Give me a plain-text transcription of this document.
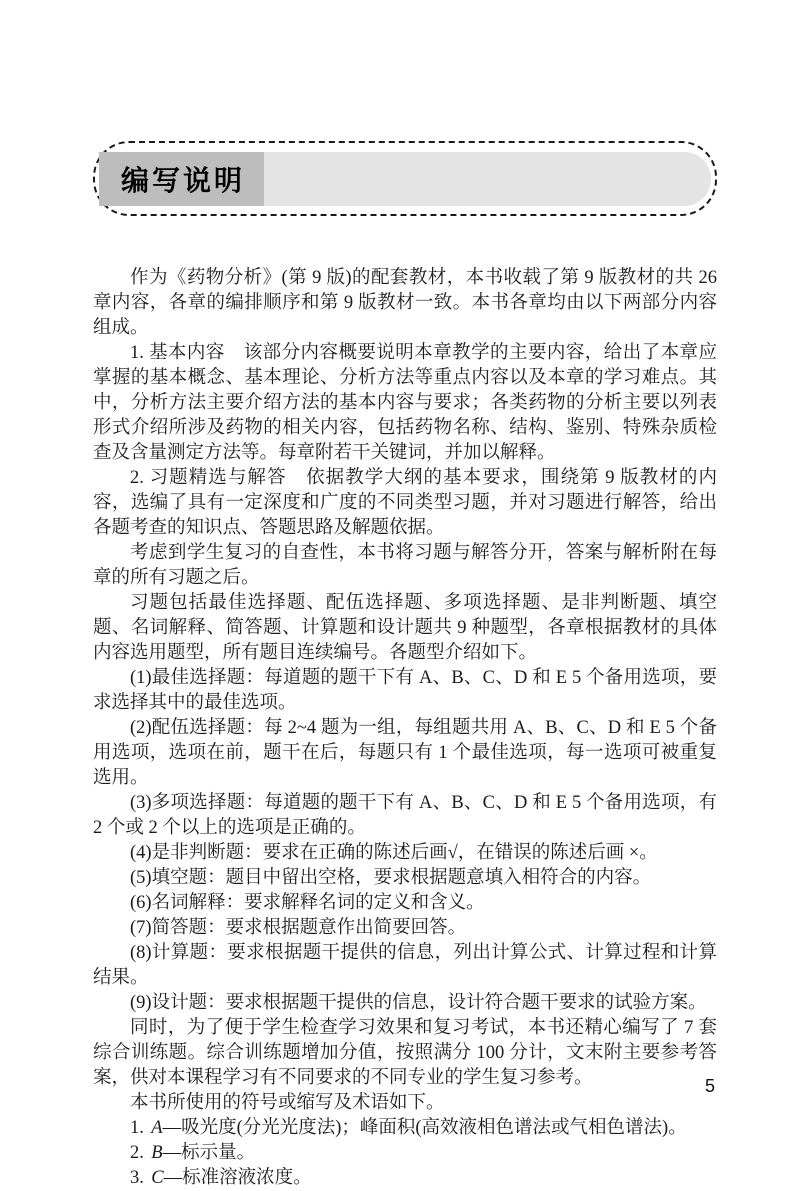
编写说明

作为《药物分析》(第 9 版)的配套教材，本书收载了第 9 版教材的共 26 章内容，各章的编排顺序和第 9 版教材一致。本书各章均由以下两部分内容组成。

1. 基本内容　该部分内容概要说明本章教学的主要内容，给出了本章应掌握的基本概念、基本理论、分析方法等重点内容以及本章的学习难点。其中，分析方法主要介绍方法的基本内容与要求；各类药物的分析主要以列表形式介绍所涉及药物的相关内容，包括药物名称、结构、鉴别、特殊杂质检查及含量测定方法等。每章附若干关键词，并加以解释。

2. 习题精选与解答　依据教学大纲的基本要求，围绕第 9 版教材的内容，选编了具有一定深度和广度的不同类型习题，并对习题进行解答，给出各题考查的知识点、答题思路及解题依据。

考虑到学生复习的自查性，本书将习题与解答分开，答案与解析附在每章的所有习题之后。

习题包括最佳选择题、配伍选择题、多项选择题、是非判断题、填空题、名词解释、简答题、计算题和设计题共 9 种题型，各章根据教材的具体内容选用题型，所有题目连续编号。各题型介绍如下。

(1)最佳选择题：每道题的题干下有 A、B、C、D 和 E 5 个备用选项，要求选择其中的最佳选项。

(2)配伍选择题：每 2~4 题为一组，每组题共用 A、B、C、D 和 E 5 个备用选项，选项在前，题干在后，每题只有 1 个最佳选项，每一选项可被重复选用。

(3)多项选择题：每道题的题干下有 A、B、C、D 和 E 5 个备用选项，有 2 个或 2 个以上的选项是正确的。

(4)是非判断题：要求在正确的陈述后画√，在错误的陈述后画 ×。

(5)填空题：题目中留出空格，要求根据题意填入相符合的内容。

(6)名词解释：要求解释名词的定义和含义。

(7)简答题：要求根据题意作出简要回答。

(8)计算题：要求根据题干提供的信息，列出计算公式、计算过程和计算结果。

(9)设计题：要求根据题干提供的信息，设计符合题干要求的试验方案。

同时，为了便于学生检查学习效果和复习考试，本书还精心编写了 7 套综合训练题。综合训练题增加分值，按照满分 100 分计，文末附主要参考答案，供对本课程学习有不同要求的不同专业的学生复习参考。

本书所使用的符号或缩写及术语如下。

1. A—吸光度(分光光度法)；峰面积(高效液相色谱法或气相色谱法)。

2. B—标示量。

3. C—标准溶液浓度。

5
